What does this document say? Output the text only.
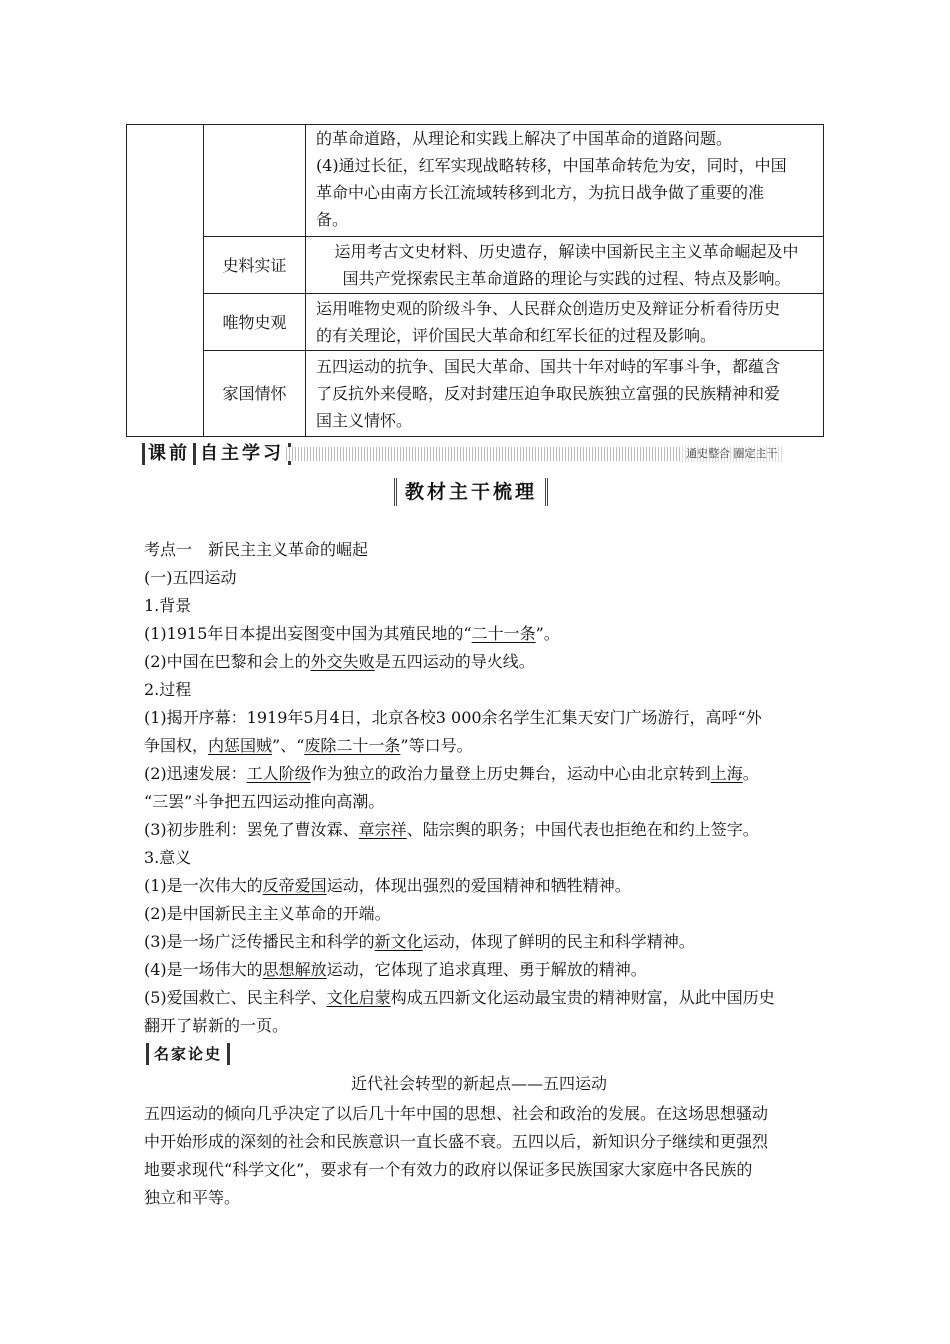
		的革命道路，从理论和实践上解决了中国革命的道路问题。

(4)通过长征，红军实现战略转移，中国革命转危为安，同时，中国

革命中心由南方长江流域转移到北方，为抗日战争做了重要的准

备。

	史料实证	运用考古文史材料、历史遗存，解读中国新民主主义革命崛起及中

国共产党探索民主革命道路的理论与实践的过程、特点及影响。

	唯物史观	运用唯物史观的阶级斗争、人民群众创造历史及辩证分析看待历史

的有关理论，评价国民大革命和红军长征的过程及影响。

	家国情怀	五四运动的抗争、国民大革命、国共十年对峙的军事斗争，都蕴含

了反抗外来侵略，反对封建压迫争取民族独立富强的民族精神和爱

国主义情怀。

课前 自主学习	通史整合 圈定主干
教材主干梳理

考点一　新民主主义革命的崛起

(一)五四运动

1.背景

(1)1915年日本提出妄图变中国为其殖民地的“二十一条”。

(2)中国在巴黎和会上的外交失败是五四运动的导火线。

2.过程

(1)揭开序幕：1919年5月4日，北京各校3 000余名学生汇集天安门广场游行，高呼“外

争国权，内惩国贼”、“废除二十一条”等口号。

(2)迅速发展：工人阶级作为独立的政治力量登上历史舞台，运动中心由北京转到上海。

“三罢”斗争把五四运动推向高潮。

(3)初步胜利：罢免了曹汝霖、章宗祥、陆宗舆的职务；中国代表也拒绝在和约上签字。

3.意义

(1)是一次伟大的反帝爱国运动，体现出强烈的爱国精神和牺牲精神。

(2)是中国新民主主义革命的开端。

(3)是一场广泛传播民主和科学的新文化运动，体现了鲜明的民主和科学精神。

(4)是一场伟大的思想解放运动，它体现了追求真理、勇于解放的精神。

(5)爱国救亡、民主科学、文化启蒙构成五四新文化运动最宝贵的精神财富，从此中国历史

翻开了崭新的一页。

名家论史
近代社会转型的新起点——五四运动
五四运动的倾向几乎决定了以后几十年中国的思想、社会和政治的发展。在这场思想骚动
中开始形成的深刻的社会和民族意识一直长盛不衰。五四以后，新知识分子继续和更强烈
地要求现代“科学文化”，要求有一个有效力的政府以保证多民族国家大家庭中各民族的
独立和平等。
